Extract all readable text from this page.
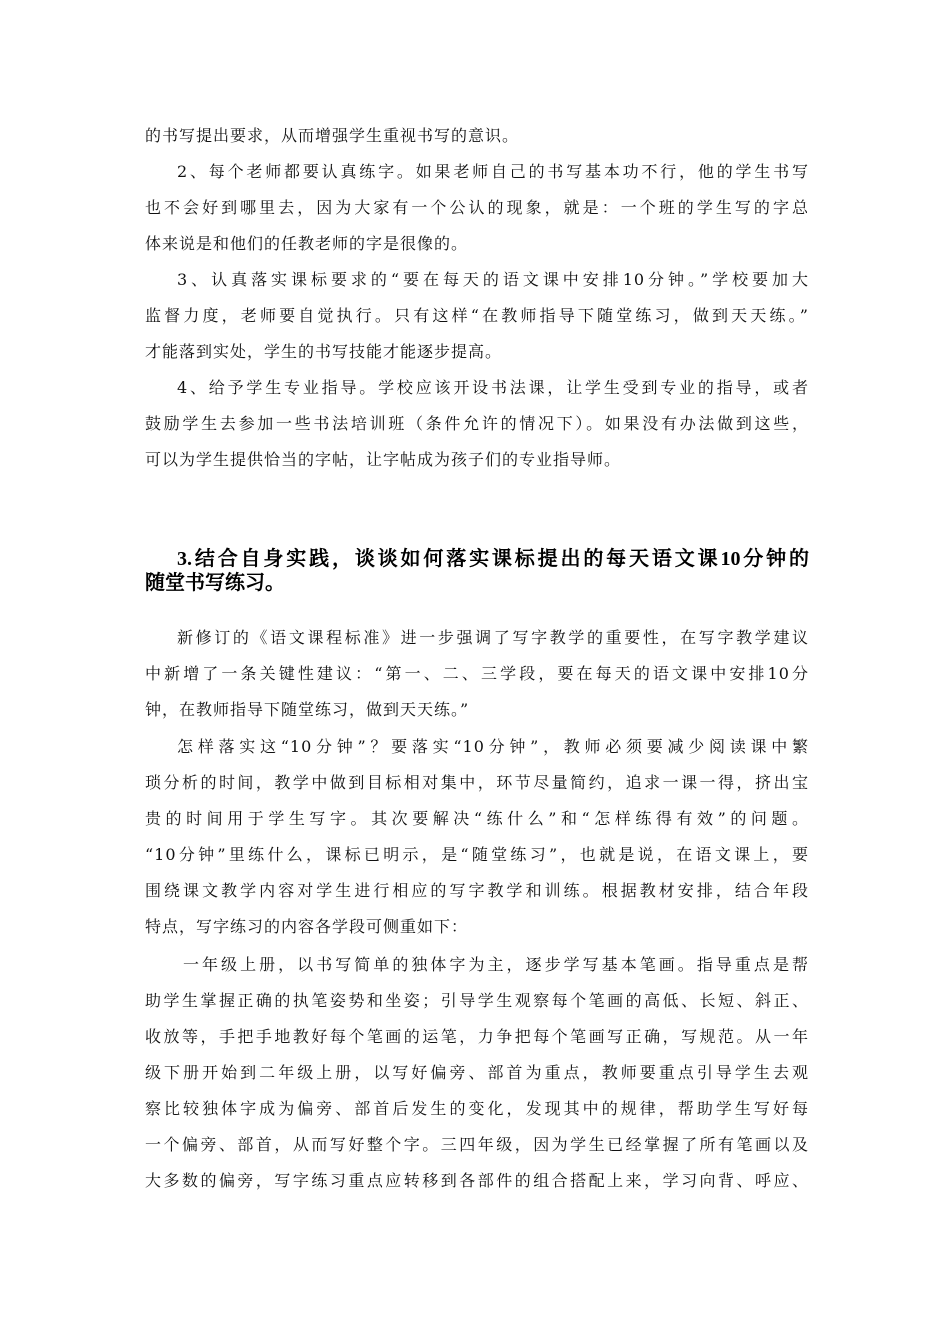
的书写提出要求，从而增强学生重视书写的意识。
2、每个老师都要认真练字。如果老师自己的书写基本功不行，他的学生书写
也不会好到哪里去，因为大家有一个公认的现象，就是：一个班的学生写的字总
体来说是和他们的任教老师的字是很像的。
3、认真落实课标要求的“要在每天的语文课中安排10分钟。”学校要加大
监督力度，老师要自觉执行。只有这样“在教师指导下随堂练习，做到天天练。”
才能落到实处，学生的书写技能才能逐步提高。
4、给予学生专业指导。学校应该开设书法课，让学生受到专业的指导，或者
鼓励学生去参加一些书法培训班（条件允许的情况下）。如果没有办法做到这些，
可以为学生提供恰当的字帖，让字帖成为孩子们的专业指导师。
3.结合自身实践，谈谈如何落实课标提出的每天语文课10分钟的
随堂书写练习。
新修订的《语文课程标准》进一步强调了写字教学的重要性，在写字教学建议
中新增了一条关键性建议：“第一、二、三学段，要在每天的语文课中安排10分
钟，在教师指导下随堂练习，做到天天练。”
怎样落实这“10分钟”？要落实“10分钟”，教师必须要减少阅读课中繁
琐分析的时间，教学中做到目标相对集中，环节尽量简约，追求一课一得，挤出宝
贵的时间用于学生写字。其次要解决“练什么”和“怎样练得有效”的问题。
“10分钟”里练什么，课标已明示，是“随堂练习”，也就是说，在语文课上，要
围绕课文教学内容对学生进行相应的写字教学和训练。根据教材安排，结合年段
特点，写字练习的内容各学段可侧重如下：
一年级上册，以书写简单的独体字为主，逐步学写基本笔画。指导重点是帮
助学生掌握正确的执笔姿势和坐姿；引导学生观察每个笔画的高低、长短、斜正、
收放等，手把手地教好每个笔画的运笔，力争把每个笔画写正确，写规范。从一年
级下册开始到二年级上册，以写好偏旁、部首为重点，教师要重点引导学生去观
察比较独体字成为偏旁、部首后发生的变化，发现其中的规律，帮助学生写好每
一个偏旁、部首，从而写好整个字。三四年级，因为学生已经掌握了所有笔画以及
大多数的偏旁，写字练习重点应转移到各部件的组合搭配上来，学习向背、呼应、
